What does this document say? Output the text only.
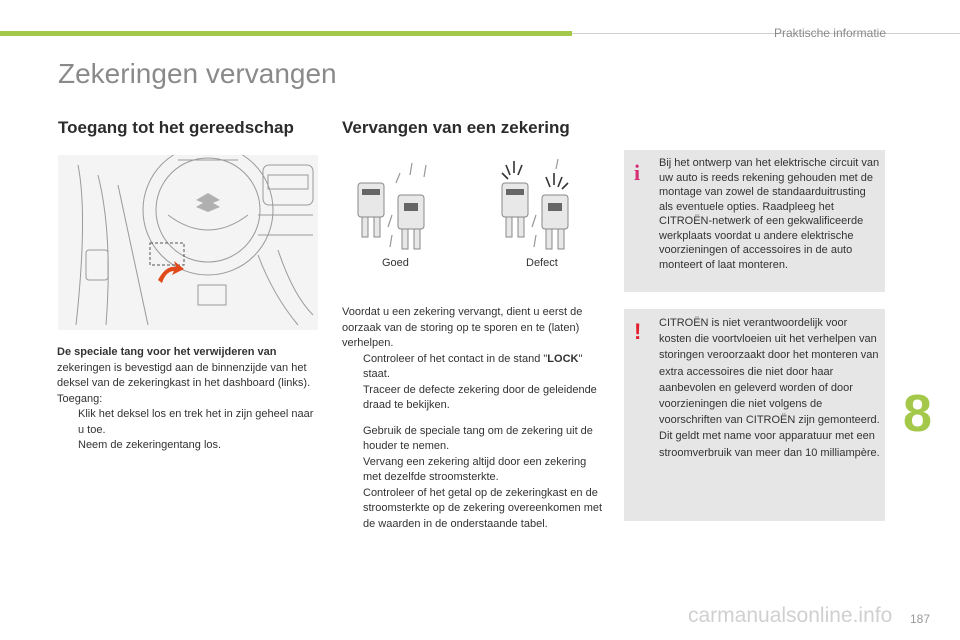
Praktische informatie
Zekeringen vervangen
Toegang tot het gereedschap	Vervangen van een zekering

De speciale tang voor het verwijderen van

zekeringen is bevestigd aan de binnenzijde van het deksel van de zekeringkast in het dashboard (links).

Toegang:

Klik het deksel los en trek het in zijn geheel naar u toe.
Neem de zekeringentang los.
Goed	Defect

Voordat u een zekering vervangt, dient u eerst de oorzaak van de storing op te sporen en te (laten) verhelpen.

Controleer of het contact in de stand "LOCK" staat.
Traceer de defecte zekering door de geleidende draad te bekijken.
Gebruik de speciale tang om de zekering uit de houder te nemen.
Vervang een zekering altijd door een zekering met dezelfde stroomsterkte.
Controleer of het getal op de zekeringkast en de stroomsterkte op de zekering overeenkomen met de waarden in de onderstaande tabel.
i Bij het ontwerp van het elektrische circuit van uw auto is reeds rekening gehouden met de montage van zowel de standaarduitrusting als eventuele opties. Raadpleeg het CITROËN-netwerk of een gekwalificeerde werkplaats voordat u andere elektrische voorzieningen of accessoires in de auto monteert of laat monteren.
! CITROËN is niet verantwoordelijk voor kosten die voortvloeien uit het verhelpen van storingen veroorzaakt door het monteren van extra accessoires die niet door haar aanbevolen en geleverd worden of door voorzieningen die niet volgens de voorschriften van CITROËN zijn gemonteerd. Dit geldt met name voor apparatuur met een stroomverbruik van meer dan 10 milliampère.
8
carmanualsonline.info 187
